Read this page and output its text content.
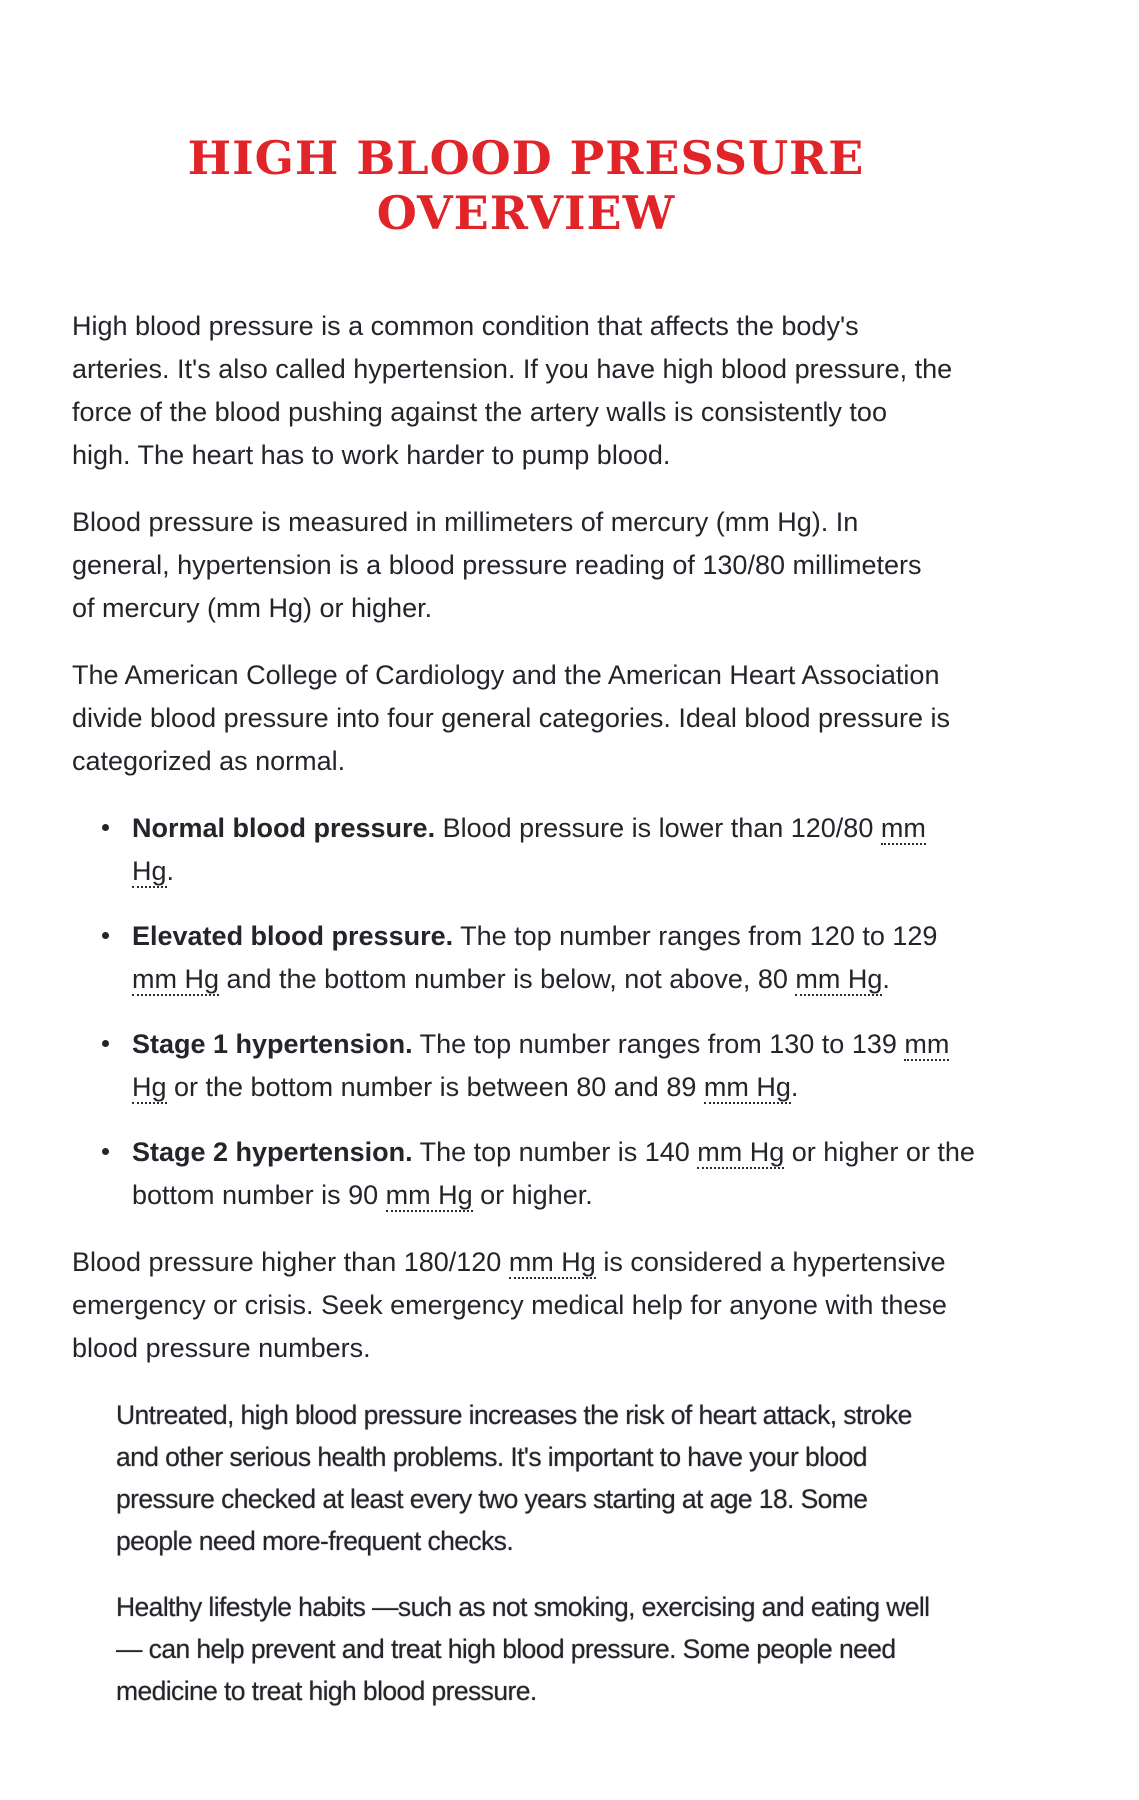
HIGH BLOOD PRESSURE
OVERVIEW
High blood pressure is a common condition that affects the body's
arteries. It's also called hypertension. If you have high blood pressure, the
force of the blood pushing against the artery walls is consistently too
high. The heart has to work harder to pump blood.
Blood pressure is measured in millimeters of mercury (mm Hg). In
general, hypertension is a blood pressure reading of 130/80 millimeters
of mercury (mm Hg) or higher.
The American College of Cardiology and the American Heart Association
divide blood pressure into four general categories. Ideal blood pressure is
categorized as normal.
Normal blood pressure. Blood pressure is lower than 120/80 mm
Hg.
Elevated blood pressure. The top number ranges from 120 to 129
mm Hg and the bottom number is below, not above, 80 mm Hg.
Stage 1 hypertension. The top number ranges from 130 to 139 mm
Hg or the bottom number is between 80 and 89 mm Hg.
Stage 2 hypertension. The top number is 140 mm Hg or higher or the
bottom number is 90 mm Hg or higher.
Blood pressure higher than 180/120 mm Hg is considered a hypertensive
emergency or crisis. Seek emergency medical help for anyone with these
blood pressure numbers.
Untreated, high blood pressure increases the risk of heart attack, stroke
and other serious health problems. It's important to have your blood
pressure checked at least every two years starting at age 18. Some
people need more-frequent checks.
Healthy lifestyle habits —such as not smoking, exercising and eating well
— can help prevent and treat high blood pressure. Some people need
medicine to treat high blood pressure.
